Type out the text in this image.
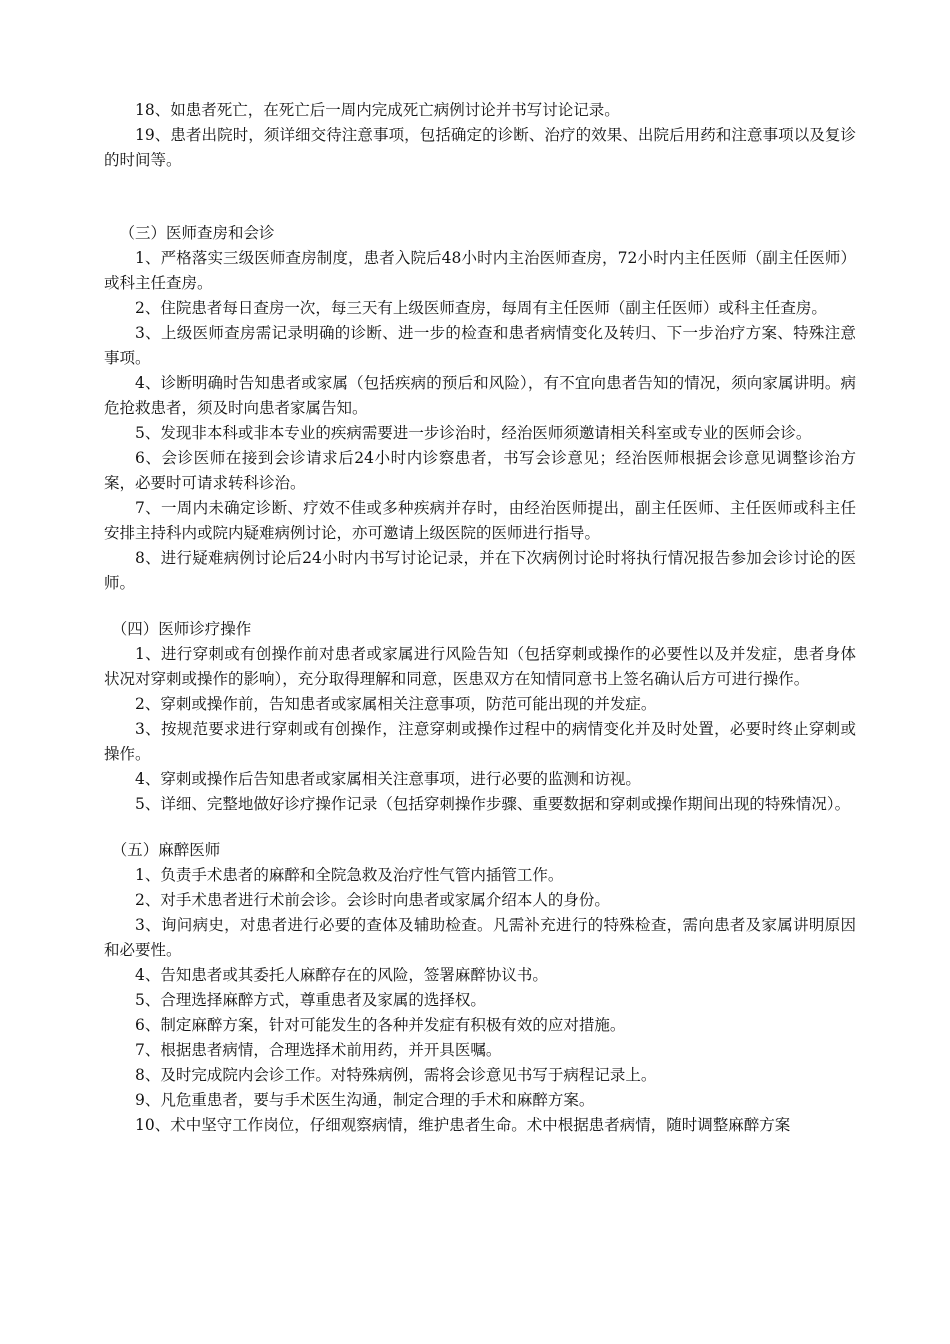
18、如患者死亡，在死亡后一周内完成死亡病例讨论并书写讨论记录。

19、患者出院时，须详细交待注意事项，包括确定的诊断、治疗的效果、出院后用药和注意事项以及复诊的时间等。

（三）医师查房和会诊

1、严格落实三级医师查房制度，患者入院后48小时内主治医师查房，72小时内主任医师（副主任医师）或科主任查房。

2、住院患者每日查房一次，每三天有上级医师查房，每周有主任医师（副主任医师）或科主任查房。

3、上级医师查房需记录明确的诊断、进一步的检查和患者病情变化及转归、下一步治疗方案、特殊注意事项。

4、诊断明确时告知患者或家属（包括疾病的预后和风险），有不宜向患者告知的情况，须向家属讲明。病危抢救患者，须及时向患者家属告知。

5、发现非本科或非本专业的疾病需要进一步诊治时，经治医师须邀请相关科室或专业的医师会诊。

6、会诊医师在接到会诊请求后24小时内诊察患者，书写会诊意见；经治医师根据会诊意见调整诊治方案，必要时可请求转科诊治。

7、一周内未确定诊断、疗效不佳或多种疾病并存时，由经治医师提出，副主任医师、主任医师或科主任安排主持科内或院内疑难病例讨论，亦可邀请上级医院的医师进行指导。

8、进行疑难病例讨论后24小时内书写讨论记录，并在下次病例讨论时将执行情况报告参加会诊讨论的医师。

（四）医师诊疗操作

1、进行穿刺或有创操作前对患者或家属进行风险告知（包括穿刺或操作的必要性以及并发症，患者身体状况对穿刺或操作的影响），充分取得理解和同意，医患双方在知情同意书上签名确认后方可进行操作。

2、穿刺或操作前，告知患者或家属相关注意事项，防范可能出现的并发症。

3、按规范要求进行穿刺或有创操作，注意穿刺或操作过程中的病情变化并及时处置，必要时终止穿刺或操作。

4、穿刺或操作后告知患者或家属相关注意事项，进行必要的监测和访视。

5、详细、完整地做好诊疗操作记录（包括穿刺操作步骤、重要数据和穿刺或操作期间出现的特殊情况）。

（五）麻醉医师

1、负责手术患者的麻醉和全院急救及治疗性气管内插管工作。

2、对手术患者进行术前会诊。会诊时向患者或家属介绍本人的身份。

3、询问病史，对患者进行必要的查体及辅助检查。凡需补充进行的特殊检查，需向患者及家属讲明原因和必要性。

4、告知患者或其委托人麻醉存在的风险，签署麻醉协议书。

5、合理选择麻醉方式，尊重患者及家属的选择权。

6、制定麻醉方案，针对可能发生的各种并发症有积极有效的应对措施。

7、根据患者病情，合理选择术前用药，并开具医嘱。

8、及时完成院内会诊工作。对特殊病例，需将会诊意见书写于病程记录上。

9、凡危重患者，要与手术医生沟通，制定合理的手术和麻醉方案。

10、术中坚守工作岗位，仔细观察病情，维护患者生命。术中根据患者病情，随时调整麻醉方案
